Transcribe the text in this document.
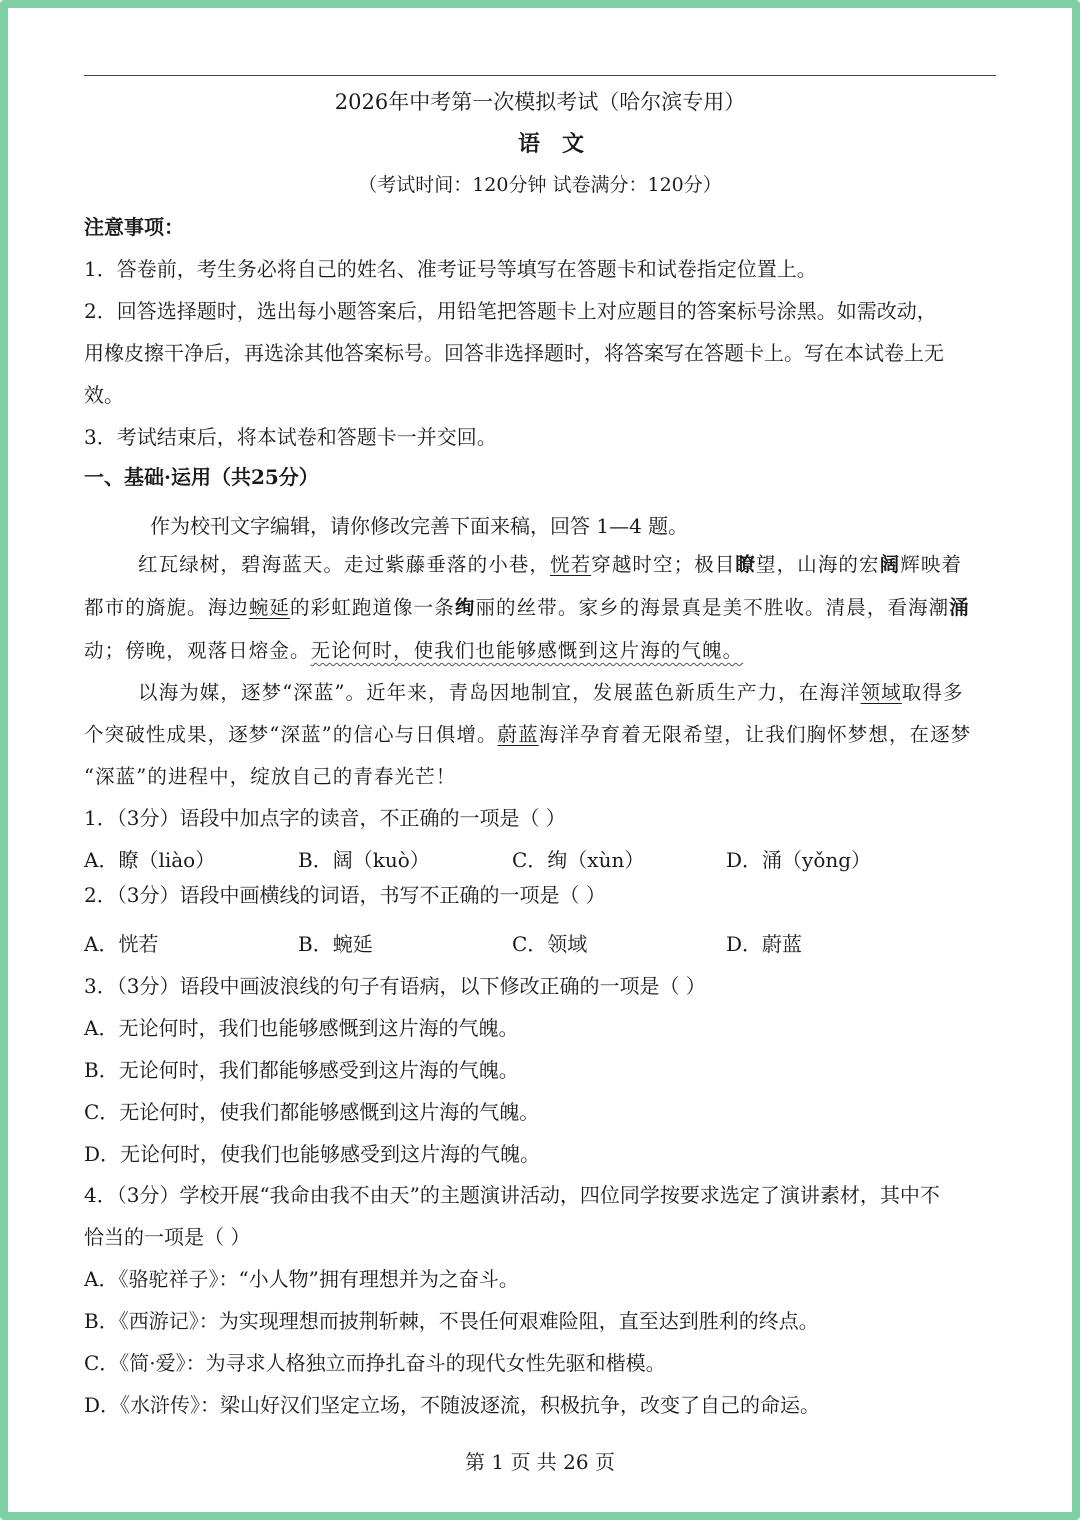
2026年中考第一次模拟考试（哈尔滨专用）
语文
（考试时间：120分钟 试卷满分：120分）
注意事项：
1．答卷前，考生务必将自己的姓名、准考证号等填写在答题卡和试卷指定位置上。
2．回答选择题时，选出每小题答案后，用铅笔把答题卡上对应题目的答案标号涂黑。如需改动，
用橡皮擦干净后，再选涂其他答案标号。回答非选择题时，将答案写在答题卡上。写在本试卷上无
效。
3．考试结束后，将本试卷和答题卡一并交回。
一、基础·运用（共25分）
作为校刊文字编辑，请你修改完善下面来稿，回答 1—4 题。
红瓦绿树，碧海蓝天。走过紫藤垂落的小巷，恍若穿越时空；极目瞭望，山海的宏阔辉映着
都市的旖旎。海边蜿延的彩虹跑道像一条绚丽的丝带。家乡的海景真是美不胜收。清晨，看海潮涌
动；傍晚，观落日熔金。无论何时，使我们也能够感慨到这片海的气魄。
以海为媒，逐梦“深蓝”。近年来，青岛因地制宜，发展蓝色新质生产力，在海洋领域取得多
个突破性成果，逐梦“深蓝”的信心与日俱增。蔚蓝海洋孕育着无限希望，让我们胸怀梦想，在逐梦
“深蓝”的进程中，绽放自己的青春光芒！
1．（3分）语段中加点字的读音，不正确的一项是（ ）
A．瞭（liào）	B．阔（kuò）	C．绚（xùn）	D．涌（yǒng）
2．（3分）语段中画横线的词语，书写不正确的一项是（ ）
A．恍若	B．蜿延	C．领域	D．蔚蓝
3．（3分）语段中画波浪线的句子有语病，以下修改正确的一项是（ ）
A．无论何时，我们也能够感慨到这片海的气魄。
B．无论何时，我们都能够感受到这片海的气魄。
C．无论何时，使我们都能够感慨到这片海的气魄。
D．无论何时，使我们也能够感受到这片海的气魄。
4．（3分）学校开展“我命由我不由天”的主题演讲活动，四位同学按要求选定了演讲素材，其中不
恰当的一项是（ ）
A．《骆驼祥子》：“小人物”拥有理想并为之奋斗。
B．《西游记》：为实现理想而披荆斩棘，不畏任何艰难险阻，直至达到胜利的终点。
C．《简·爱》：为寻求人格独立而挣扎奋斗的现代女性先驱和楷模。
D．《水浒传》：梁山好汉们坚定立场，不随波逐流，积极抗争，改变了自己的命运。
第 1 页 共 26 页
